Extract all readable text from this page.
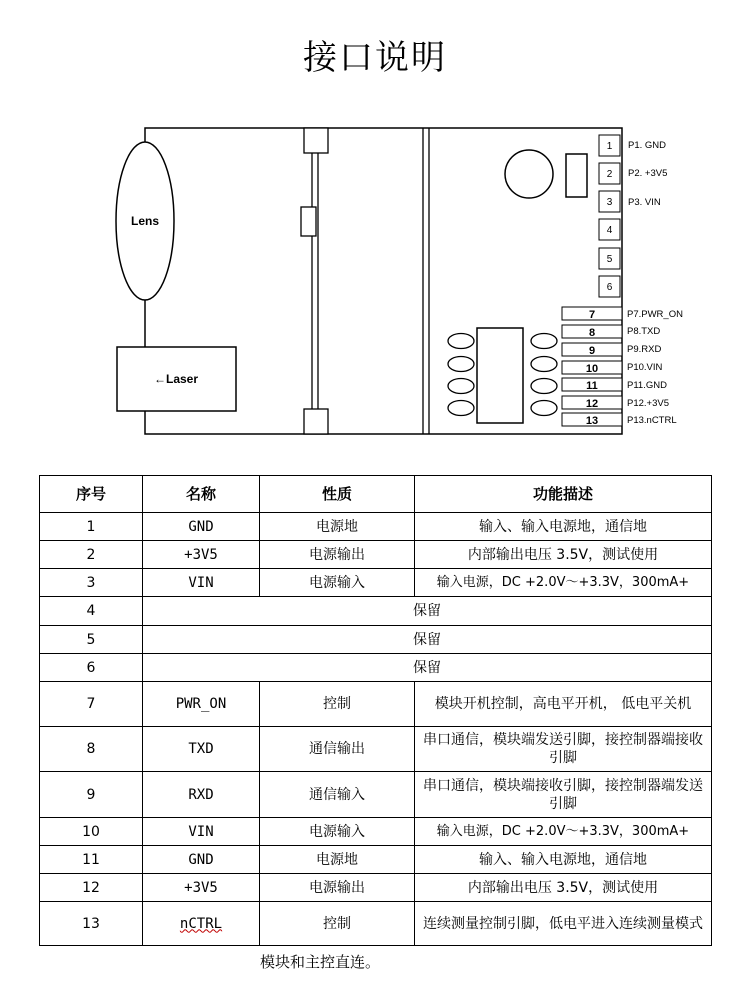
接口说明
Lens
←Laser
1 P1. GND
2 P2. +3V5
3 P3. VIN
4
5
6
7	P7.PWR_ON
8	P8.TXD
9	P9.RXD
10	P10.VIN
11	P11.GND
12	P12.+3V5
13	P13.nCTRL
序号	名称	性质	功能描述
1	GND	电源地	输入、输入电源地，通信地
2	+3V5	电源输出	内部输出电压 3.5V，测试使用
3	VIN	电源输入	输入电源，DC +2.0V～+3.3V，300mA+
4	保留		
5	保留		
6	保留		
7	PWR_ON	控制	模块开机控制，高电平开机， 低电平关机
8	TXD	通信输出	串口通信，模块端发送引脚，接控制器端接收引脚
9	RXD	通信输入	串口通信，模块端接收引脚，接控制器端发送引脚
10	VIN	电源输入	输入电源，DC +2.0V～+3.3V，300mA+
11	GND	电源地	输入、输入电源地，通信地
12	+3V5	电源输出	内部输出电压 3.5V，测试使用
13	nCTRL	控制	连续测量控制引脚，低电平进入连续测量模式
模块和主控直连。
